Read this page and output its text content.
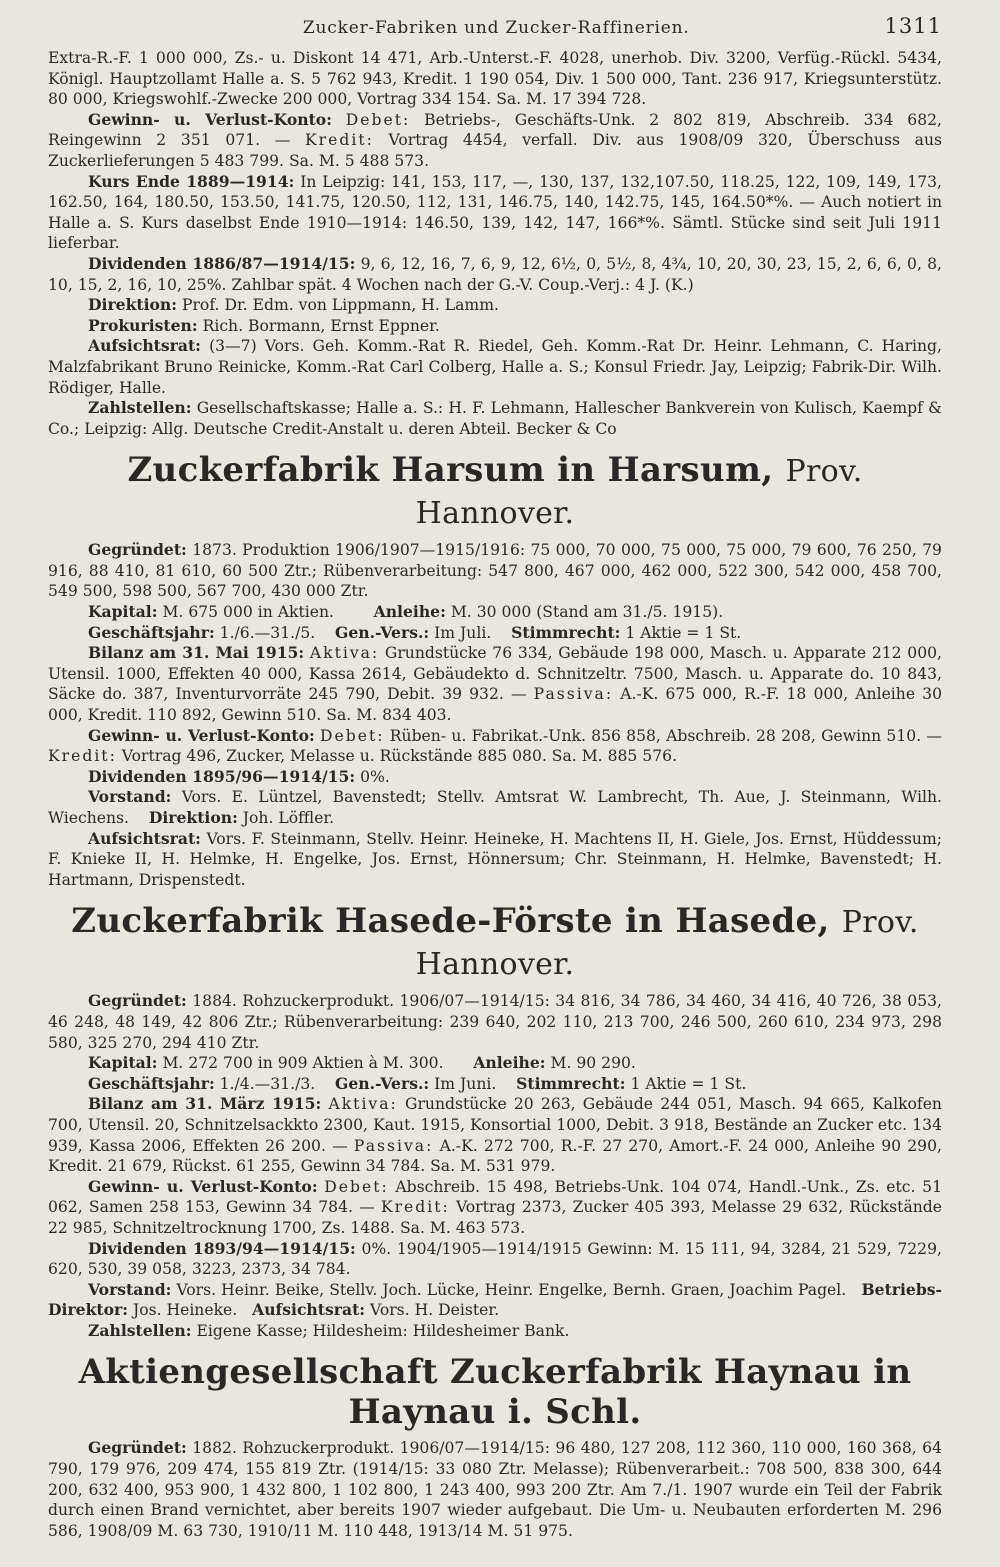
Zucker-Fabriken und Zucker-Raffinerien.	1311

Extra-R.-F. 1 000 000, Zs.- u. Diskont 14 471, Arb.-Unterst.-F. 4028, unerhob. Div. 3200, Verfüg.-Rückl. 5434, Königl. Hauptzollamt Halle a. S. 5 762 943, Kredit. 1 190 054, Div. 1 500 000, Tant. 236 917, Kriegsunterstütz. 80 000, Kriegswohlf.-Zwecke 200 000, Vortrag 334 154. Sa. M. 17 394 728.

Gewinn- u. Verlust-Konto: Debet: Betriebs-, Geschäfts-Unk. 2 802 819, Abschreib. 334 682, Reingewinn 2 351 071. — Kredit: Vortrag 4454, verfall. Div. aus 1908/09 320, Überschuss aus Zuckerlieferungen 5 483 799. Sa. M. 5 488 573.

Kurs Ende 1889—1914: In Leipzig: 141, 153, 117, —, 130, 137, 132,107.50, 118.25, 122, 109, 149, 173, 162.50, 164, 180.50, 153.50, 141.75, 120.50, 112, 131, 146.75, 140, 142.75, 145, 164.50*%. — Auch notiert in Halle a. S. Kurs daselbst Ende 1910—1914: 146.50, 139, 142, 147, 166*%. Sämtl. Stücke sind seit Juli 1911 lieferbar.

Dividenden 1886/87—1914/15: 9, 6, 12, 16, 7, 6, 9, 12, 6½, 0, 5½, 8, 4¾, 10, 20, 30, 23, 15, 2, 6, 6, 0, 8, 10, 15, 2, 16, 10, 25%. Zahlbar spät. 4 Wochen nach der G.-V. Coup.-Verj.: 4 J. (K.)

Direktion: Prof. Dr. Edm. von Lippmann, H. Lamm.

Prokuristen: Rich. Bormann, Ernst Eppner.

Aufsichtsrat: (3—7) Vors. Geh. Komm.-Rat R. Riedel, Geh. Komm.-Rat Dr. Heinr. Lehmann, C. Haring, Malzfabrikant Bruno Reinicke, Komm.-Rat Carl Colberg, Halle a. S.; Konsul Friedr. Jay, Leipzig; Fabrik-Dir. Wilh. Rödiger, Halle.

Zahlstellen: Gesellschaftskasse; Halle a. S.: H. F. Lehmann, Hallescher Bankverein von Kulisch, Kaempf & Co.; Leipzig: Allg. Deutsche Credit-Anstalt u. deren Abteil. Becker & Co

Zuckerfabrik Harsum in Harsum, Prov. Hannover.

Gegründet: 1873. Produktion 1906/1907—1915/1916: 75 000, 70 000, 75 000, 75 000, 79 600, 76 250, 79 916, 88 410, 81 610, 60 500 Ztr.; Rübenverarbeitung: 547 800, 467 000, 462 000, 522 300, 542 000, 458 700, 549 500, 598 500, 567 700, 430 000 Ztr.

Kapital: M. 675 000 in Aktien.	Anleihe: M. 30 000 (Stand am 31./5. 1915).

Geschäftsjahr: 1./6.—31./5. Gen.-Vers.: Im Juli. Stimmrecht: 1 Aktie = 1 St.

Bilanz am 31. Mai 1915: Aktiva: Grundstücke 76 334, Gebäude 198 000, Masch. u. Apparate 212 000, Utensil. 1000, Effekten 40 000, Kassa 2614, Gebäudekto d. Schnitzeltr. 7500, Masch. u. Apparate do. 10 843, Säcke do. 387, Inventurvorräte 245 790, Debit. 39 932. — Passiva: A.-K. 675 000, R.-F. 18 000, Anleihe 30 000, Kredit. 110 892, Gewinn 510. Sa. M. 834 403.

Gewinn- u. Verlust-Konto: Debet: Rüben- u. Fabrikat.-Unk. 856 858, Abschreib. 28 208, Gewinn 510. — Kredit: Vortrag 496, Zucker, Melasse u. Rückstände 885 080. Sa. M. 885 576.

Dividenden 1895/96—1914/15: 0%.

Vorstand: Vors. E. Lüntzel, Bavenstedt; Stellv. Amtsrat W. Lambrecht, Th. Aue, J. Steinmann, Wilh. Wiechens. Direktion: Joh. Löffler.

Aufsichtsrat: Vors. F. Steinmann, Stellv. Heinr. Heineke, H. Machtens II, H. Giele, Jos. Ernst, Hüddessum; F. Knieke II, H. Helmke, H. Engelke, Jos. Ernst, Hönnersum; Chr. Steinmann, H. Helmke, Bavenstedt; H. Hartmann, Drispenstedt.

Zuckerfabrik Hasede-Förste in Hasede, Prov. Hannover.

Gegründet: 1884. Rohzuckerprodukt. 1906/07—1914/15: 34 816, 34 786, 34 460, 34 416, 40 726, 38 053, 46 248, 48 149, 42 806 Ztr.; Rübenverarbeitung: 239 640, 202 110, 213 700, 246 500, 260 610, 234 973, 298 580, 325 270, 294 410 Ztr.

Kapital: M. 272 700 in 909 Aktien à M. 300. Anleihe: M. 90 290.

Geschäftsjahr: 1./4.—31./3. Gen.-Vers.: Im Juni. Stimmrecht: 1 Aktie = 1 St.

Bilanz am 31. März 1915: Aktiva: Grundstücke 20 263, Gebäude 244 051, Masch. 94 665, Kalkofen 700, Utensil. 20, Schnitzelsackkto 2300, Kaut. 1915, Konsortial 1000, Debit. 3 918, Bestände an Zucker etc. 134 939, Kassa 2006, Effekten 26 200. — Passiva: A.-K. 272 700, R.-F. 27 270, Amort.-F. 24 000, Anleihe 90 290, Kredit. 21 679, Rückst. 61 255, Gewinn 34 784. Sa. M. 531 979.

Gewinn- u. Verlust-Konto: Debet: Abschreib. 15 498, Betriebs-Unk. 104 074, Handl.-Unk., Zs. etc. 51 062, Samen 258 153, Gewinn 34 784. — Kredit: Vortrag 2373, Zucker 405 393, Melasse 29 632, Rückstände 22 985, Schnitzeltrocknung 1700, Zs. 1488. Sa. M. 463 573.

Dividenden 1893/94—1914/15: 0%. 1904/1905—1914/1915 Gewinn: M. 15 111, 94, 3284, 21 529, 7229, 620, 530, 39 058, 3223, 2373, 34 784.

Vorstand: Vors. Heinr. Beike, Stellv. Joch. Lücke, Heinr. Engelke, Bernh. Graen, Joachim Pagel. Betriebs-Direktor: Jos. Heineke. Aufsichtsrat: Vors. H. Deister.

Zahlstellen: Eigene Kasse; Hildesheim: Hildesheimer Bank.

Aktiengesellschaft Zuckerfabrik Haynau in Haynau i. Schl.

Gegründet: 1882. Rohzuckerprodukt. 1906/07—1914/15: 96 480, 127 208, 112 360, 110 000, 160 368, 64 790, 179 976, 209 474, 155 819 Ztr. (1914/15: 33 080 Ztr. Melasse); Rübenverarbeit.: 708 500, 838 300, 644 200, 632 400, 953 900, 1 432 800, 1 102 800, 1 243 400, 993 200 Ztr. Am 7./1. 1907 wurde ein Teil der Fabrik durch einen Brand vernichtet, aber bereits 1907 wieder aufgebaut. Die Um- u. Neubauten erforderten M. 296 586, 1908/09 M. 63 730, 1910/11 M. 110 448, 1913/14 M. 51 975.
